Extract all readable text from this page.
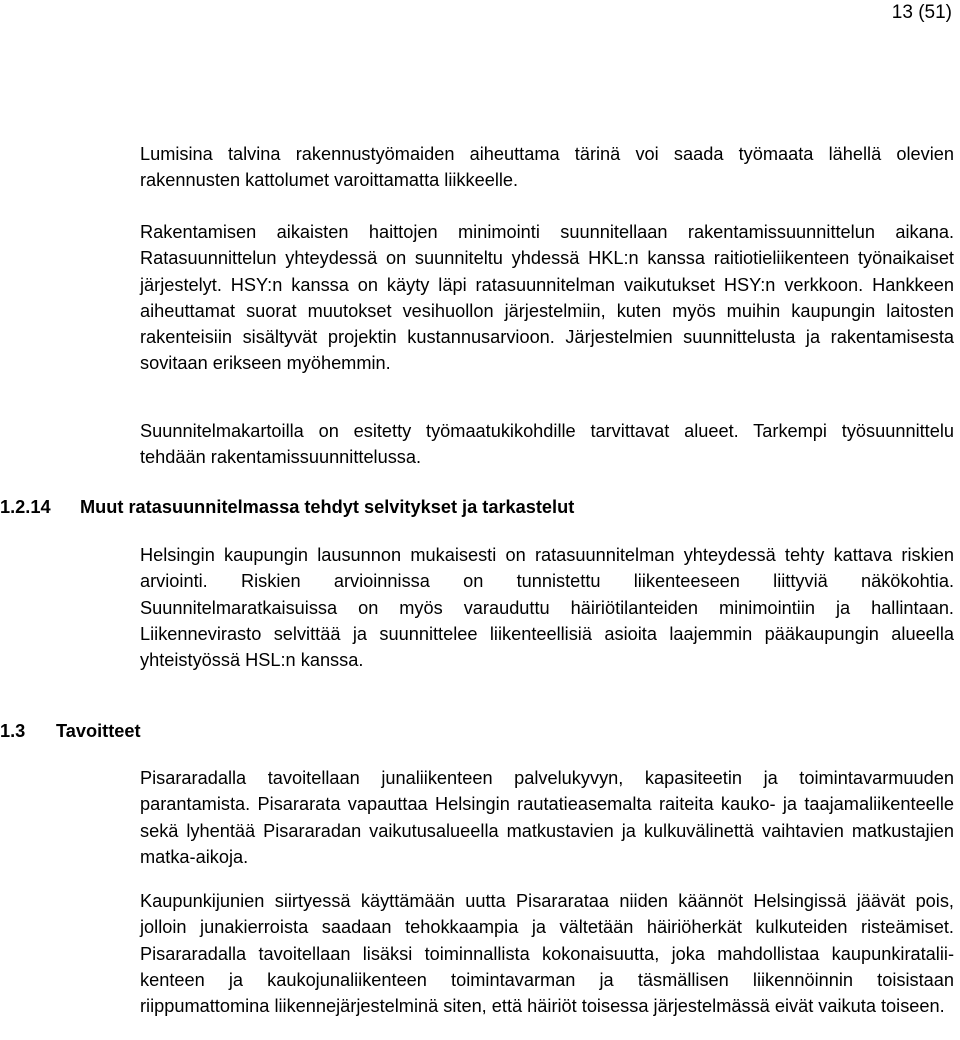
13 (51)

Lumisina talvina rakennustyömaiden aiheuttama tärinä voi saada työmaata lähellä olevien rakennusten kattolumet varoittamatta liikkeelle.

Rakentamisen aikaisten haittojen minimointi suunnitellaan rakentamissuunnittelun aikana. Ratasuunnittelun yhteydessä on suunniteltu yhdessä HKL:n kanssa raitiotieliikenteen työnaikaiset järjestelyt. HSY:n kanssa on käyty läpi ratasuunnitelman vaikutukset HSY:n verkkoon. Hankkeen aiheuttamat suorat muutokset vesihuollon järjestelmiin, kuten myös muihin kaupungin laitosten rakenteisiin sisältyvät projektin kustannusarvioon. Järjestelmien suunnittelusta ja rakentamisesta sovitaan erikseen myöhemmin.

Suunnitelmakartoilla on esitetty työmaatukikohdille tarvittavat alueet. Tarkempi työsuunnittelu tehdään rakentamissuunnittelussa.

1.2.14 Muut ratasuunnitelmassa tehdyt selvitykset ja tarkastelut

Helsingin kaupungin lausunnon mukaisesti on ratasuunnitelman yhteydessä tehty kattava riskien arviointi. Riskien arvioinnissa on tunnistettu liikenteeseen liittyviä näkökohtia. Suunnitelmaratkaisuissa on myös varauduttu häiriötilanteiden minimointiin ja hallintaan. Liikennevirasto selvittää ja suunnittelee liikenteellisiä asioita laajemmin pääkaupungin alueella yhteistyössä HSL:n kanssa.

1.3 Tavoitteet

Pisararadalla tavoitellaan junaliikenteen palvelukyvyn, kapasiteetin ja toimintavarmuuden parantamista. Pisararata vapauttaa Helsingin rautatieasemalta raiteita kauko- ja taajamaliikenteelle sekä lyhentää Pisararadan vaikutusalueella matkustavien ja kulkuvälinettä vaihtavien matkustajien matka-aikoja.

Kaupunkijunien siirtyessä käyttämään uutta Pisararataa niiden käännöt Helsingissä jäävät pois, jolloin junakierroista saadaan tehokkaampia ja vältetään häiriöherkät kulkuteiden risteämiset. Pisararadalla tavoitellaan lisäksi toiminnallista kokonaisuutta, joka mahdollistaa kaupunkirataliikenteen ja kaukojunaliikenteen toimintavarman ja täsmällisen liikennöinnin toisistaan riippumattomina liikennejärjestelminä siten, että häiriöt toisessa järjestelmässä eivät vaikuta toiseen.
